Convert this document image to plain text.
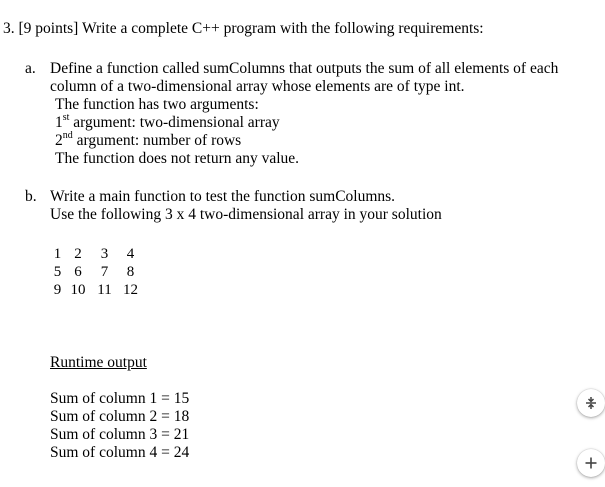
3. [9 points] Write a complete C++ program with the following requirements:
a. Define a function called sumColumns that outputs the sum of all elements of each
column of a two-dimensional array whose elements are of type int.
The function has two arguments:
1st argument: two-dimensional array
2nd argument: number of rows
The function does not return any value.
b. Write a main function to test the function sumColumns.
Use the following 3 x 4 two-dimensional array in your solution
1	2	3	4
5	6	7	8
9	10	11	12
Runtime output
Sum of column 1 = 15
Sum of column 2 = 18
Sum of column 3 = 21
Sum of column 4 = 24
